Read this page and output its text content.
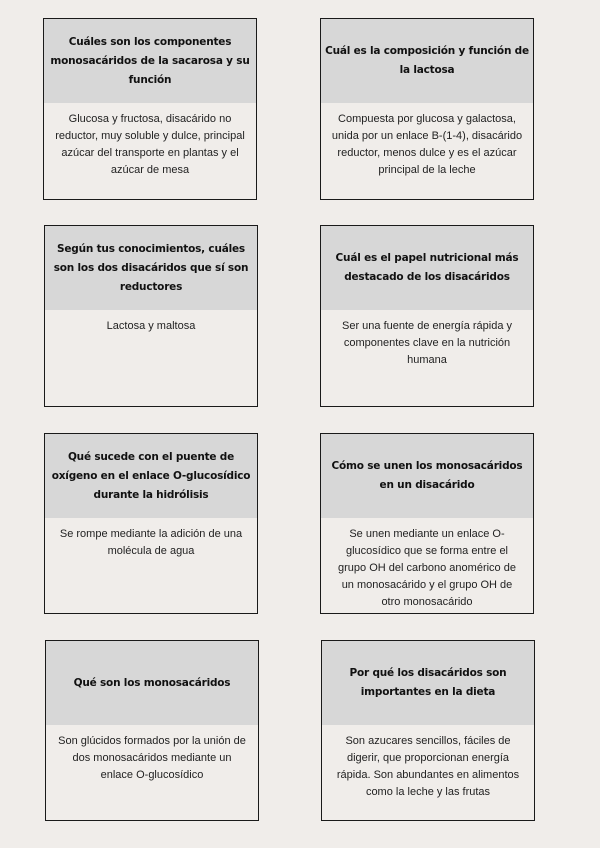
Cuáles son los componentes monosacáridos de la sacarosa y su función
Glucosa y fructosa, disacárido no reductor, muy soluble y dulce, principal azúcar del transporte en plantas y el azúcar de mesa
Cuál es la composición y función de la lactosa
Compuesta por glucosa y galactosa, unida por un enlace B-(1-4), disacárido reductor, menos dulce y es el azúcar principal de la leche
Según tus conocimientos, cuáles son los dos disacáridos que sí son reductores
Lactosa y maltosa
Cuál es el papel nutricional más destacado de los disacáridos
Ser una fuente de energía rápida y componentes clave en la nutrición humana
Qué sucede con el puente de oxígeno en el enlace O-glucosídico durante la hidrólisis
Se rompe mediante la adición de una molécula de agua
Cómo se unen los monosacáridos en un disacárido
Se unen mediante un enlace O-glucosídico que se forma entre el grupo OH del carbono anomérico de un monosacárido y el grupo OH de otro monosacárido
Qué son los monosacáridos
Son glúcidos formados por la unión de dos monosacáridos mediante un enlace O-glucosídico
Por qué los disacáridos son importantes en la dieta
Son azucares sencillos, fáciles de digerir, que proporcionan energía rápida. Son abundantes en alimentos como la leche y las frutas
